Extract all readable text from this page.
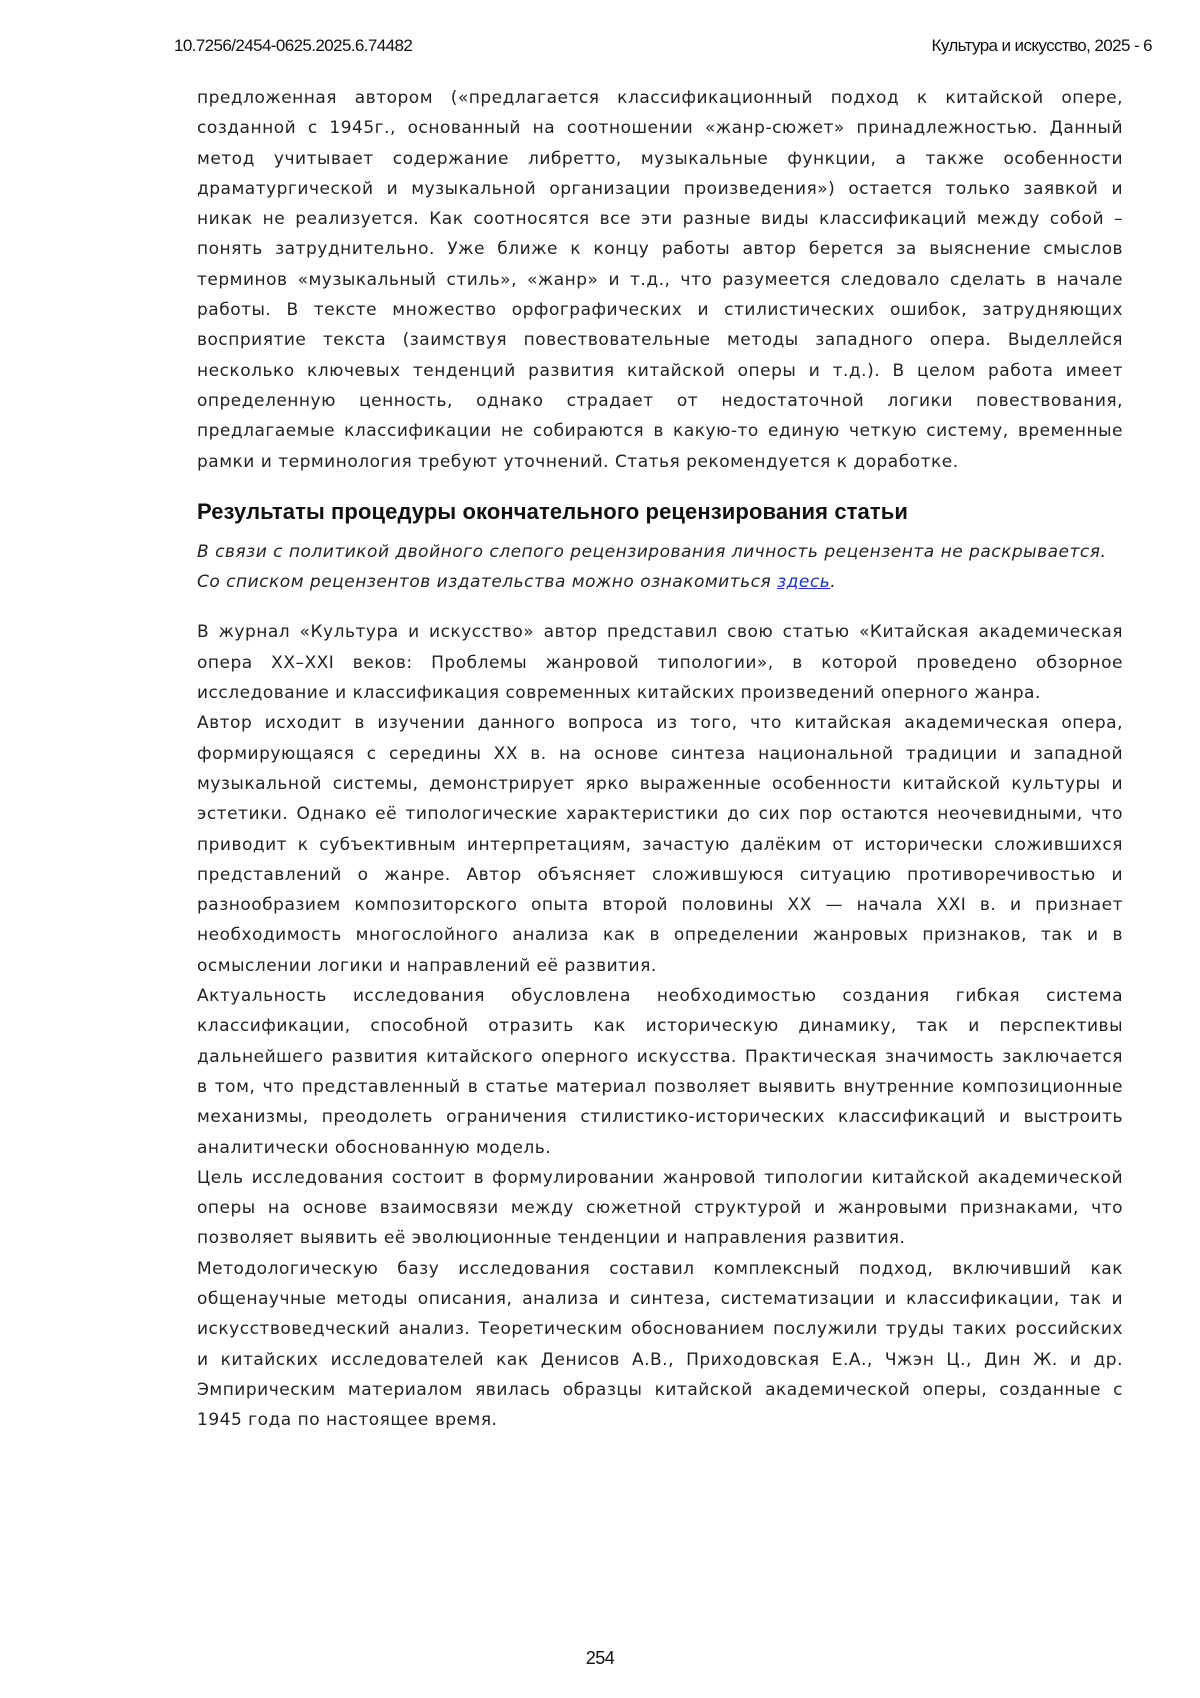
10.7256/2454-0625.2025.6.74482	Культура и искусство, 2025 - 6

предложенная автором («предлагается классификационный подход к китайской опере, созданной с 1945г., основанный на соотношении «жанр-сюжет» принадлежностью. Данный метод учитывает содержание либретто, музыкальные функции, а также особенности драматургической и музыкальной организации произведения») остается только заявкой и никак не реализуется. Как соотносятся все эти разные виды классификаций между собой – понять затруднительно. Уже ближе к концу работы автор берется за выяснение смыслов терминов «музыкальный стиль», «жанр» и т.д., что разумеется следовало сделать в начале работы. В тексте множество орфографических и стилистических ошибок, затрудняющих восприятие текста (заимствуя повествовательные методы западного опера. Выделлейся несколько ключевых тенденций развития китайской оперы и т.д.). В целом работа имеет определенную ценность, однако страдает от недостаточной логики повествования, предлагаемые классификации не собираются в какую-то единую четкую систему, временные рамки и терминология требуют уточнений. Статья рекомендуется к доработке.

Результаты процедуры окончательного рецензирования статьи

В связи с политикой двойного слепого рецензирования личность рецензента не раскрывается.

Со списком рецензентов издательства можно ознакомиться здесь.

В журнал «Культура и искусство» автор представил свою статью «Китайская академическая опера XX–XXI веков: Проблемы жанровой типологии», в которой проведено обзорное исследование и классификация современных китайских произведений оперного жанра.

Автор исходит в изучении данного вопроса из того, что китайская академическая опера, формирующаяся с середины XX в. на основе синтеза национальной традиции и западной музыкальной системы, демонстрирует ярко выраженные особенности китайской культуры и эстетики. Однако её типологические характеристики до сих пор остаются неочевидными, что приводит к субъективным интерпретациям, зачастую далёким от исторически сложившихся представлений о жанре. Автор объясняет сложившуюся ситуацию противоречивостью и разнообразием композиторского опыта второй половины XX — начала XXI в. и признает необходимость многослойного анализа как в определении жанровых признаков, так и в осмыслении логики и направлений её развития.

Актуальность исследования обусловлена необходимостью создания гибкая система классификации, способной отразить как историческую динамику, так и перспективы дальнейшего развития китайского оперного искусства. Практическая значимость заключается в том, что представленный в статье материал позволяет выявить внутренние композиционные механизмы, преодолеть ограничения стилистико-исторических классификаций и выстроить аналитически обоснованную модель.

Цель исследования состоит в формулировании жанровой типологии китайской академической оперы на основе взаимосвязи между сюжетной структурой и жанровыми признаками, что позволяет выявить её эволюционные тенденции и направления развития.

Методологическую базу исследования составил комплексный подход, включивший как общенаучные методы описания, анализа и синтеза, систематизации и классификации, так и искусствоведческий анализ. Теоретическим обоснованием послужили труды таких российских и китайских исследователей как Денисов А.В., Приходовская Е.А., Чжэн Ц., Дин Ж. и др. Эмпирическим материалом явилась образцы китайской академической оперы, созданные с 1945 года по настоящее время.

254
